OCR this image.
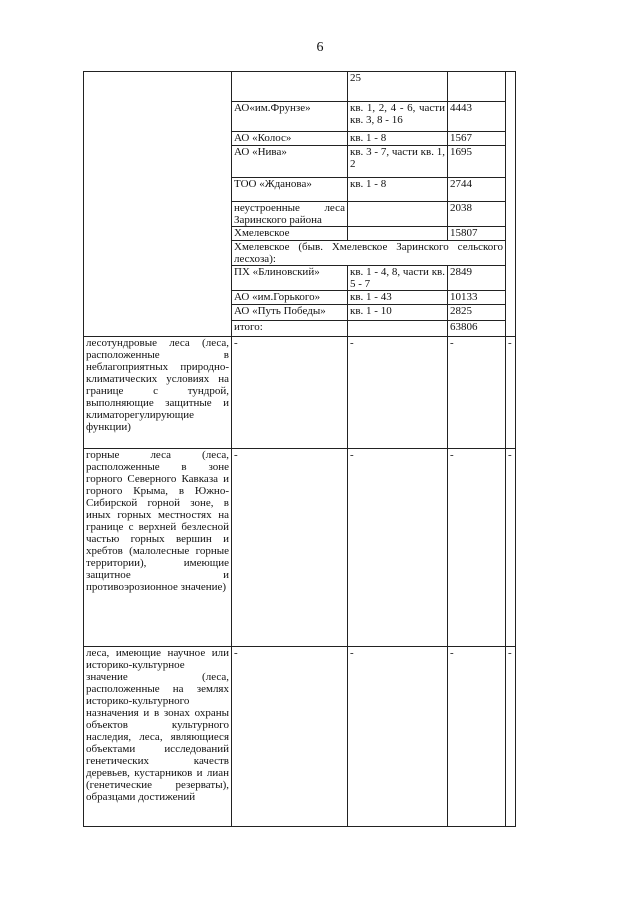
6
		25		
	АО«им.Фрунзе»	кв. 1, 2, 4 - 6, части кв. 3, 8 - 16	4443	
	АО «Колос»	кв. 1 - 8	1567	
	АО «Нива»	кв. 3 - 7, части кв. 1, 2	1695	
	ТОО «Жданова»	кв. 1 - 8	2744	
	неустроенные леса Заринского района		2038	
	Хмелевское		15807	
	Хмелевское (быв. Хмелевское Заринского сельского лесхоза):			
	ПХ «Блиновский»	кв. 1 - 4, 8, части кв. 5 - 7	2849	
	АО «им.Горького»	кв. 1 - 43	10133	
	АО «Путь Победы»	кв. 1 - 10	2825	
	итого:		63806	
лесотундровые леса (леса, расположенные в неблагоприятных природно-климатических условиях на границе с тундрой, выполняющие защитные и климаторегулирующие функции)	-	-	-	-
горные леса (леса, расположенные в зоне горного Северного Кавказа и горного Крыма, в Южно-Сибирской горной зоне, в иных горных местностях на границе с верхней безлесной частью горных вершин и хребтов (малолесные горные территории), имеющие защитное и противоэрозионное значение)	-	-	-	-
леса, имеющие научное или историко-культурное значение (леса, расположенные на землях историко-культурного назначения и в зонах охраны объектов культурного наследия, леса, являющиеся объектами исследований генетических качеств деревьев, кустарников и лиан (генетические резерваты), образцами достижений	-	-	-	-
